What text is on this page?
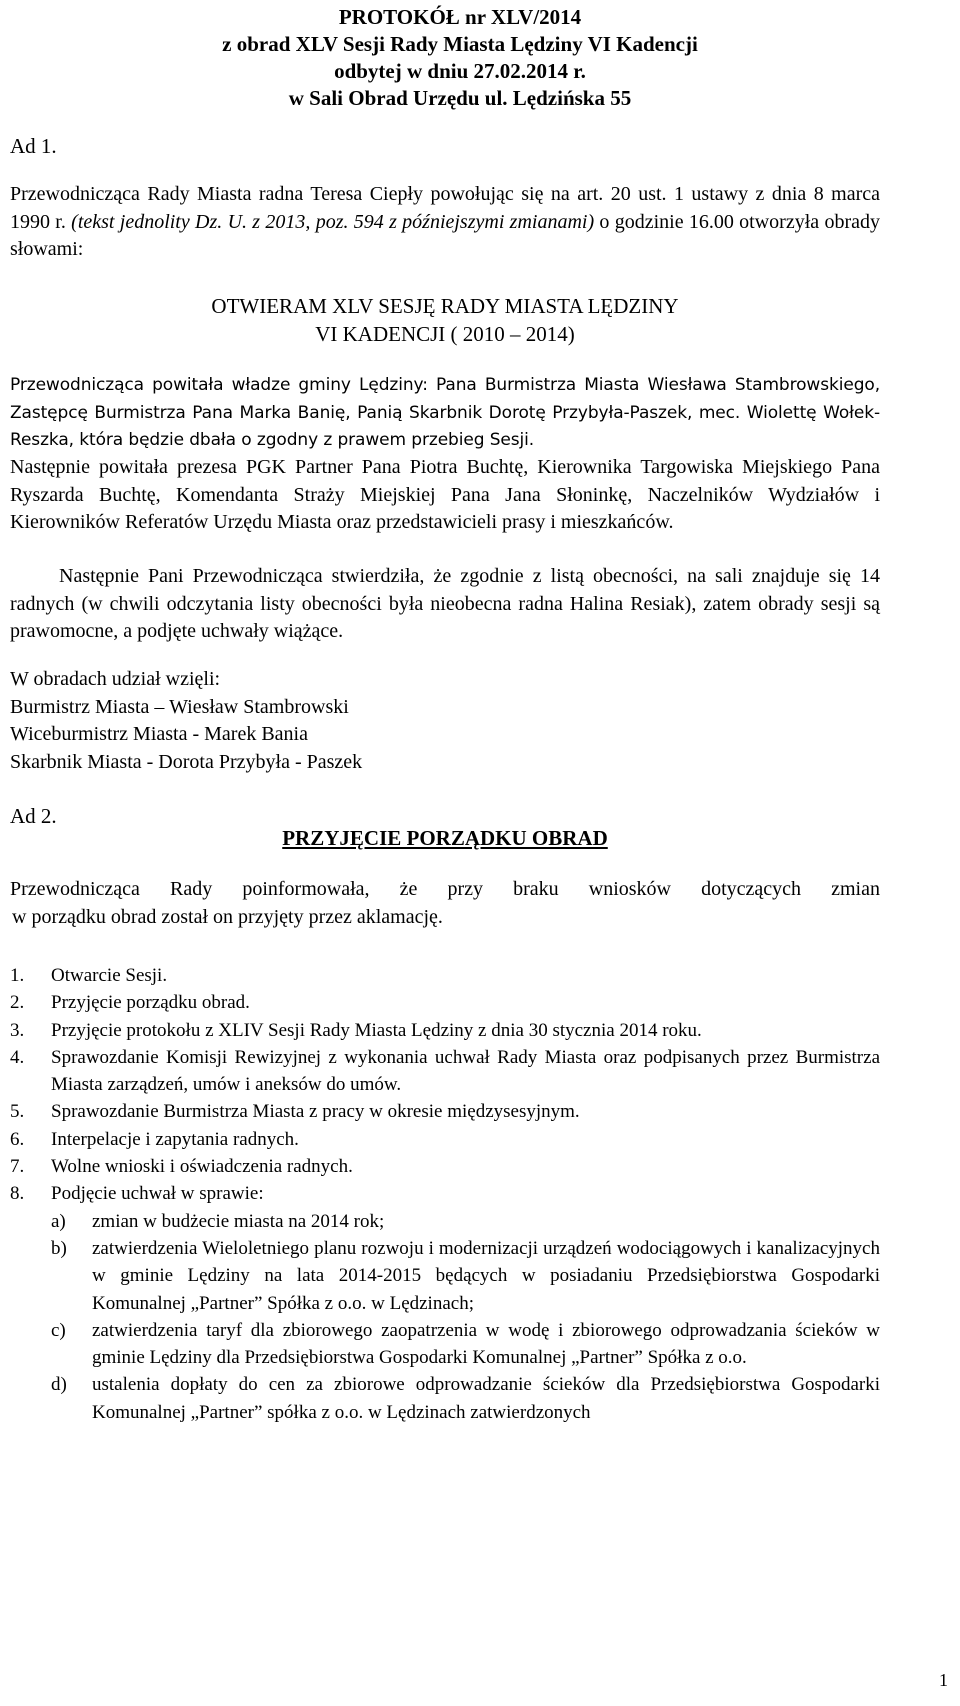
PROTOKÓŁ nr XLV/2014
z obrad XLV Sesji Rady Miasta Lędziny VI Kadencji
odbytej w dniu 27.02.2014 r.
w Sali Obrad Urzędu ul. Lędzińska 55
Ad 1.
Przewodnicząca Rady Miasta radna Teresa Ciepły powołując się na art. 20 ust. 1 ustawy z dnia 8 marca 1990 r. (tekst jednolity Dz. U. z 2013, poz. 594 z późniejszymi zmianami) o godzinie 16.00 otworzyła obrady słowami:
OTWIERAM XLV SESJĘ RADY MIASTA LĘDZINY
VI KADENCJI ( 2010 – 2014)
Przewodnicząca powitała władze gminy Lędziny: Pana Burmistrza Miasta Wiesława Stambrowskiego, Zastępcę Burmistrza Pana Marka Banię, Panią Skarbnik Dorotę Przybyła-Paszek, mec. Wiolettę Wołek-Reszka, która będzie dbała o zgodny z prawem przebieg Sesji.
Następnie powitała prezesa PGK Partner Pana Piotra Buchtę, Kierownika Targowiska Miejskiego Pana Ryszarda Buchtę, Komendanta Straży Miejskiej Pana Jana Słoninkę, Naczelników Wydziałów i Kierowników Referatów Urzędu Miasta oraz przedstawicieli prasy i mieszkańców.
Następnie Pani Przewodnicząca stwierdziła, że zgodnie z listą obecności, na sali znajduje się 14 radnych (w chwili odczytania listy obecności była nieobecna radna Halina Resiak), zatem obrady sesji są prawomocne, a podjęte uchwały wiążące.
W obradach udział wzięli:
Burmistrz Miasta – Wiesław Stambrowski
Wiceburmistrz Miasta - Marek Bania
Skarbnik Miasta - Dorota Przybyła - Paszek
Ad 2.
PRZYJĘCIE PORZĄDKU OBRAD
Przewodnicząca Rady poinformowała, że przy braku wniosków dotyczących zmian
w porządku obrad został on przyjęty przez aklamację.
1.	Otwarcie Sesji.
2.	Przyjęcie porządku obrad.
3.	Przyjęcie protokołu z XLIV Sesji Rady Miasta Lędziny z dnia 30 stycznia 2014 roku.
4.	Sprawozdanie Komisji Rewizyjnej z wykonania uchwał Rady Miasta oraz podpisanych przez Burmistrza Miasta zarządzeń, umów i aneksów do umów.
5.	Sprawozdanie Burmistrza Miasta z pracy w okresie międzysesyjnym.
6.	Interpelacje i zapytania radnych.
7.	Wolne wnioski i oświadczenia radnych.
8.	Podjęcie uchwał w sprawie:
a)	zmian w budżecie miasta na 2014 rok;
b)	zatwierdzenia Wieloletniego planu rozwoju i modernizacji urządzeń wodociągowych i kanalizacyjnych w gminie Lędziny na lata 2014-2015 będących w posiadaniu Przedsiębiorstwa Gospodarki Komunalnej „Partner” Spółka z o.o. w Lędzinach;
c)	zatwierdzenia taryf dla zbiorowego zaopatrzenia w wodę i zbiorowego odprowadzania ścieków w gminie Lędziny dla Przedsiębiorstwa Gospodarki Komunalnej „Partner” Spółka z o.o.
d)	ustalenia dopłaty do cen za zbiorowe odprowadzanie ścieków dla Przedsiębiorstwa Gospodarki Komunalnej „Partner” spółka z o.o. w Lędzinach zatwierdzonych
1
